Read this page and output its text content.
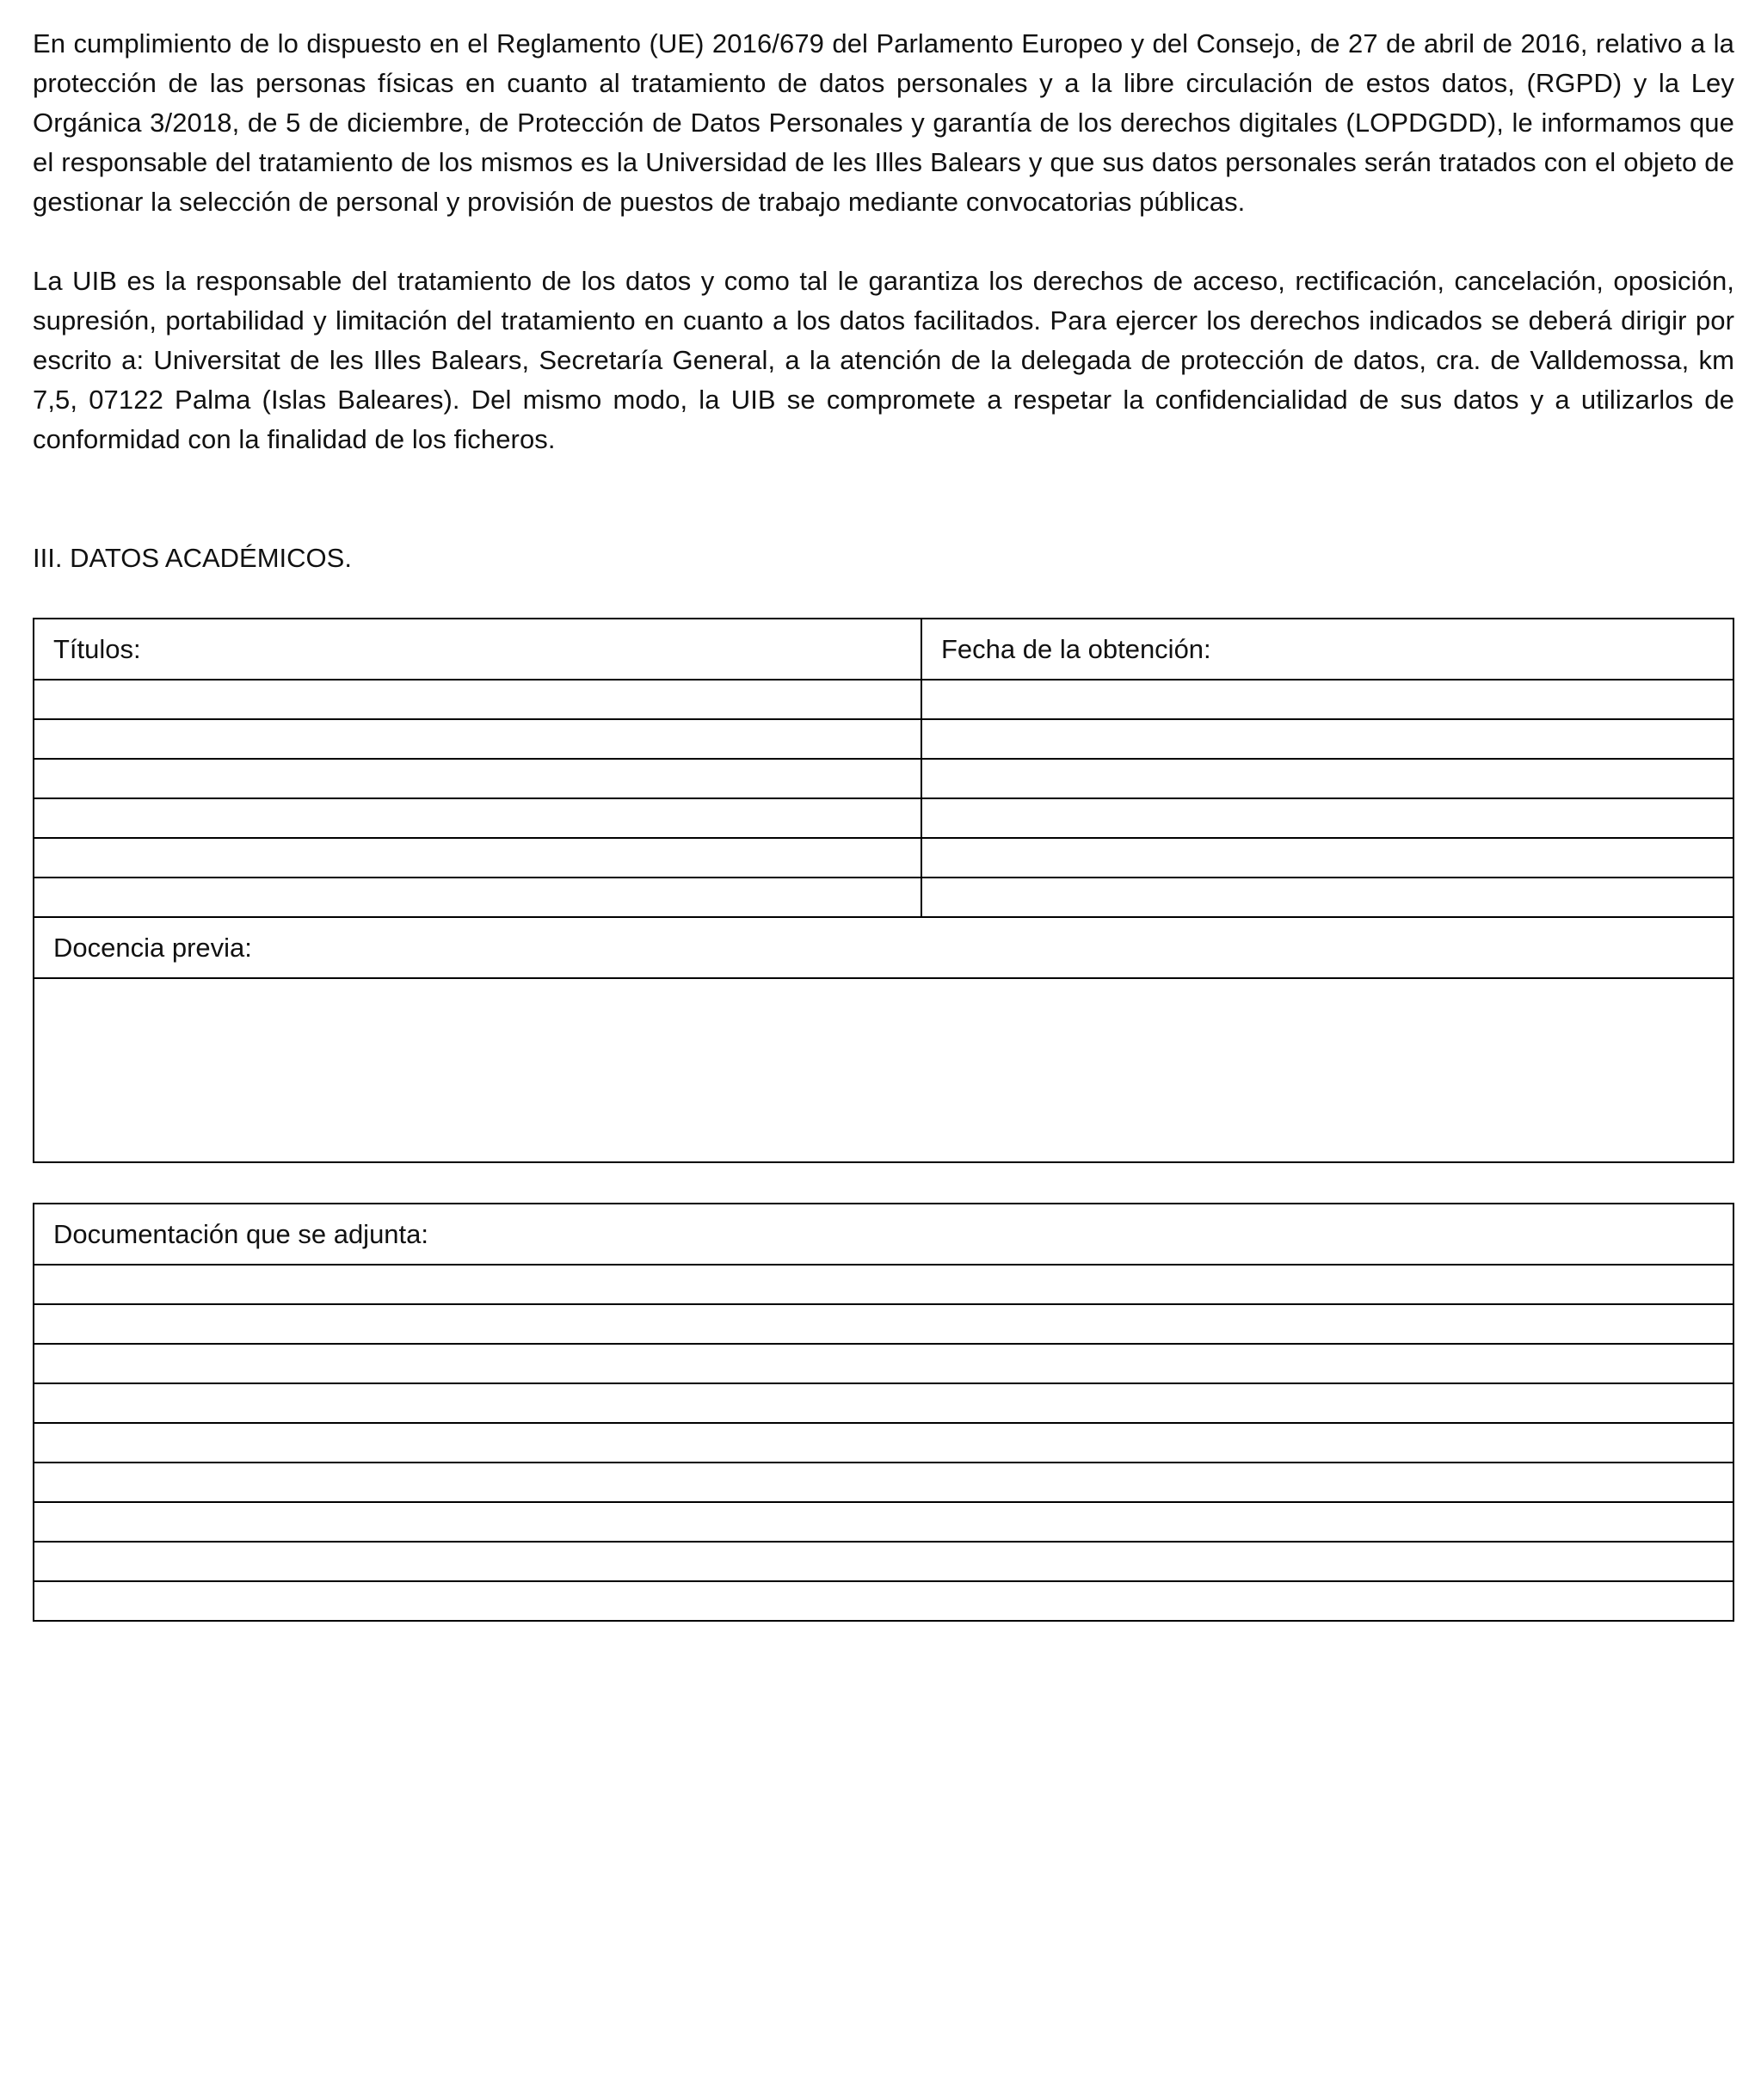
En cumplimiento de lo dispuesto en el Reglamento (UE) 2016/679 del Parlamento Europeo y del Consejo, de 27 de abril de 2016, relativo a la protección de las personas físicas en cuanto al tratamiento de datos personales y a la libre circulación de estos datos, (RGPD) y la Ley Orgánica 3/2018, de 5 de diciembre, de Protección de Datos Personales y garantía de los derechos digitales (LOPDGDD), le informamos que el responsable del tratamiento de los mismos es la Universidad de les Illes Balears y que sus datos personales serán tratados con el objeto de gestionar la selección de personal y provisión de puestos de trabajo mediante convocatorias públicas.

La UIB es la responsable del tratamiento de los datos y como tal le garantiza los derechos de acceso, rectificación, cancelación, oposición, supresión, portabilidad y limitación del tratamiento en cuanto a los datos facilitados. Para ejercer los derechos indicados se deberá dirigir por escrito a: Universitat de les Illes Balears, Secretaría General, a la atención de la delegada de protección de datos, cra. de Valldemossa, km 7,5, 07122 Palma (Islas Baleares). Del mismo modo, la UIB se compromete a respetar la confidencialidad de sus datos y a utilizarlos de conformidad con la finalidad de los ficheros.

III. DATOS ACADÉMICOS.
Títulos:	Fecha de la obtención:

Docencia previa:	

Documentación que se adjunta:
